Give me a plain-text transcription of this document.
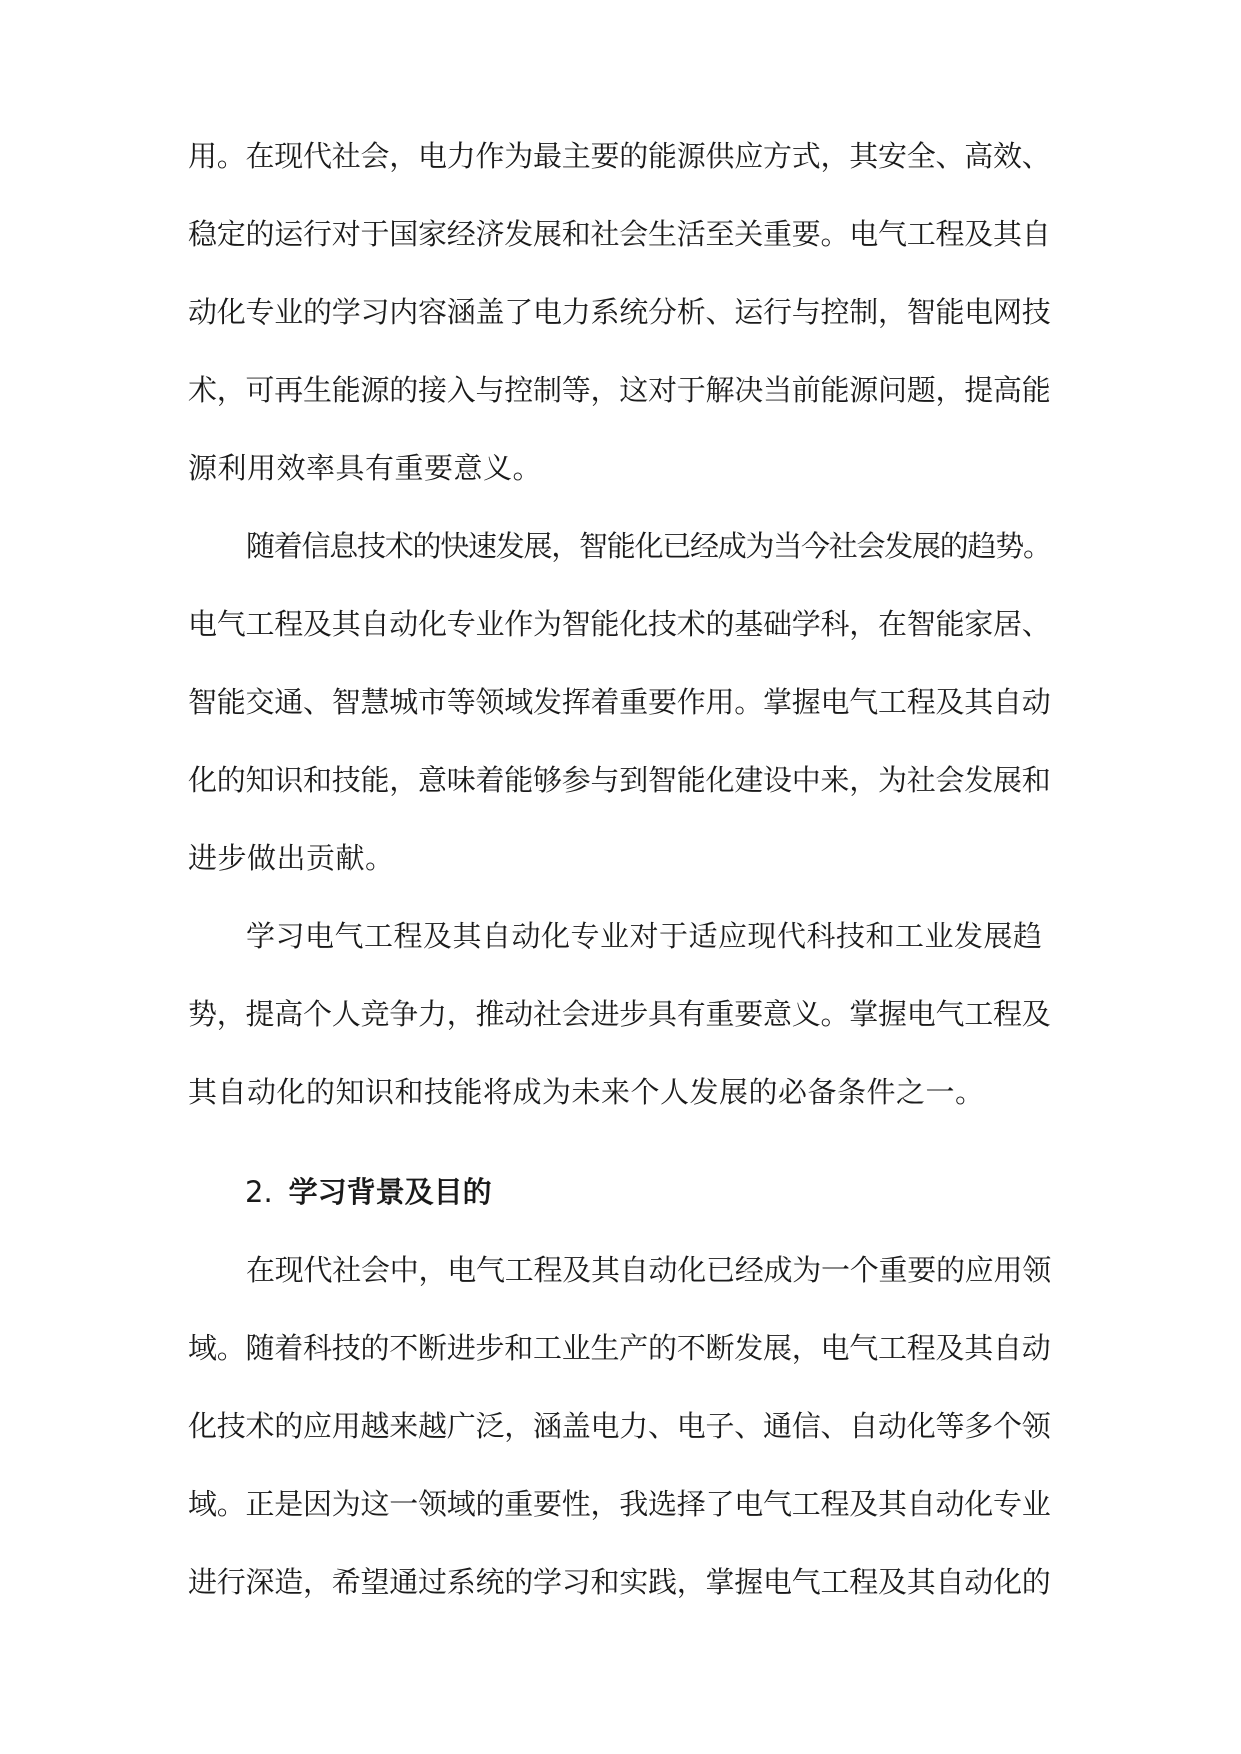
用。在现代社会，电力作为最主要的能源供应方式，其安全、高效、
稳定的运行对于国家经济发展和社会生活至关重要。电气工程及其自
动化专业的学习内容涵盖了电力系统分析、运行与控制，智能电网技
术，可再生能源的接入与控制等，这对于解决当前能源问题，提高能
源利用效率具有重要意义。
随着信息技术的快速发展，智能化已经成为当今社会发展的趋势。
电气工程及其自动化专业作为智能化技术的基础学科，在智能家居、
智能交通、智慧城市等领域发挥着重要作用。掌握电气工程及其自动
化的知识和技能，意味着能够参与到智能化建设中来，为社会发展和
进步做出贡献。
学习电气工程及其自动化专业对于适应现代科技和工业发展趋
势，提高个人竞争力，推动社会进步具有重要意义。掌握电气工程及
其自动化的知识和技能将成为未来个人发展的必备条件之一。
2. 学习背景及目的
在现代社会中，电气工程及其自动化已经成为一个重要的应用领
域。随着科技的不断进步和工业生产的不断发展，电气工程及其自动
化技术的应用越来越广泛，涵盖电力、电子、通信、自动化等多个领
域。正是因为这一领域的重要性，我选择了电气工程及其自动化专业
进行深造，希望通过系统的学习和实践，掌握电气工程及其自动化的
